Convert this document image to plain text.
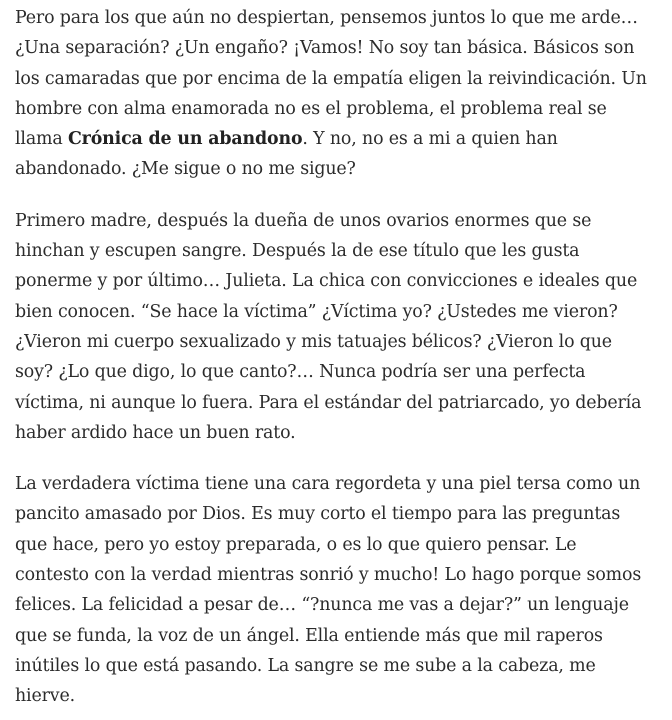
Pero para los que aún no despiertan, pensemos juntos lo que me arde… ¿Una separación? ¿Un engaño? ¡Vamos! No soy tan básica. Básicos son los camaradas que por encima de la empatía eligen la reivindicación. Un hombre con alma enamorada no es el problema, el problema real se llama Crónica de un abandono. Y no, no es a mi a quien han abandonado. ¿Me sigue o no me sigue?

Primero madre, después la dueña de unos ovarios enormes que se hinchan y escupen sangre. Después la de ese título que les gusta ponerme y por último… Julieta. La chica con convicciones e ideales que bien conocen. “Se hace la víctima” ¿Víctima yo? ¿Ustedes me vieron? ¿Vieron mi cuerpo sexualizado y mis tatuajes bélicos? ¿Vieron lo que soy? ¿Lo que digo, lo que canto?… Nunca podría ser una perfecta víctima, ni aunque lo fuera. Para el estándar del patriarcado, yo debería haber ardido hace un buen rato.

La verdadera víctima tiene una cara regordeta y una piel tersa como un pancito amasado por Dios. Es muy corto el tiempo para las preguntas que hace, pero yo estoy preparada, o es lo que quiero pensar. Le contesto con la verdad mientras sonrió y mucho! Lo hago porque somos felices. La felicidad a pesar de… “?nunca me vas a dejar?” un lenguaje que se funda, la voz de un ángel. Ella entiende más que mil raperos inútiles lo que está pasando. La sangre se me sube a la cabeza, me hierve.
